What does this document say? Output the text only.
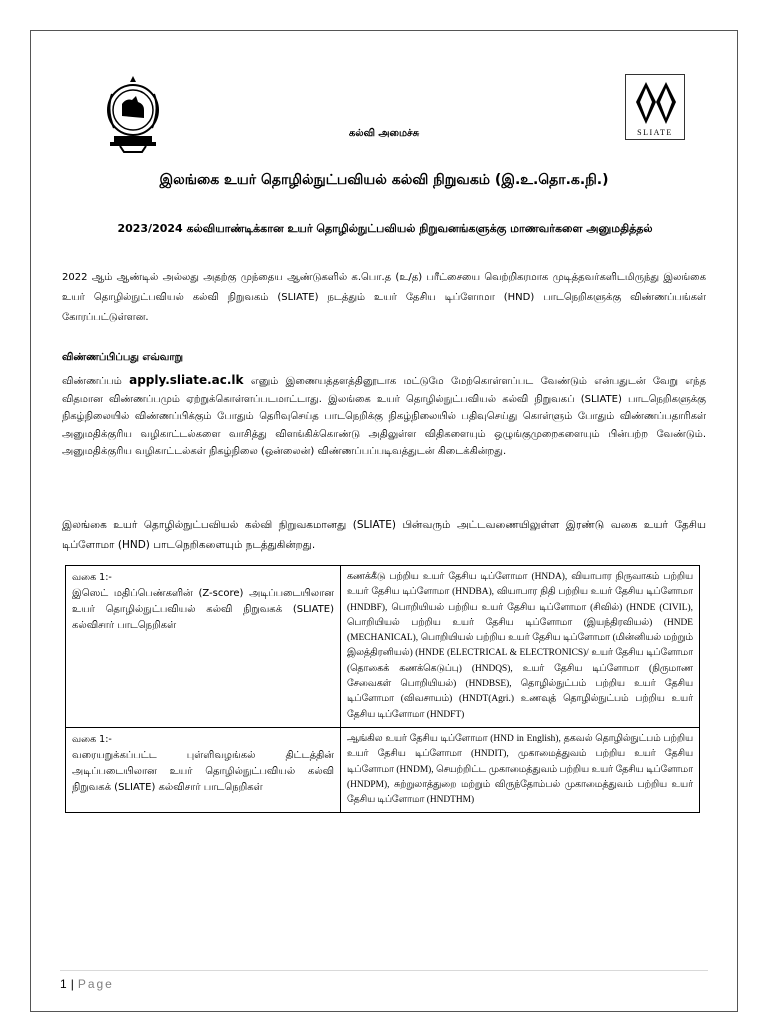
SLIATE
கல்வி அமைச்சு
இலங்கை உயர் தொழில்நுட்பவியல் கல்வி நிறுவகம் (இ.உ.தொ.க.நி.)
2023/2024 கல்வியாண்டிக்கான உயர் தொழில்நுட்பவியல் நிறுவனங்களுக்கு மாணவர்களை அனுமதித்தல்
2022 ஆம் ஆண்டில் அல்லது அதற்கு முந்தைய ஆண்டுகளில் க.பொ.த (உ/த) பரீட்சையை வெற்றிகரமாக முடித்தவர்களிடமிருந்து இலங்கை உயர் தொழில்நுட்பவியல் கல்வி நிறுவகம் (SLIATE) நடத்தும் உயர் தேசிய டிப்ளோமா (HND) பாடநெறிகளுக்கு விண்ணப்பங்கள் கோரப்பட்டுள்ளன.
விண்ணப்பிப்பது எவ்வாறு
விண்ணப்பம் apply.sliate.ac.lk எனும் இணையத்தளத்தினூடாக மட்டுமே மேற்கொள்ளப்பட வேண்டும் என்பதுடன் வேறு எந்த விதமான விண்ணப்பமும் ஏற்றுக்கொள்ளப்படமாட்டாது. இலங்கை உயர் தொழில்நுட்பவியல் கல்வி நிறுவகப் (SLIATE) பாடநெறிகளுக்கு நிகழ்நிலையில் விண்ணப்பிக்கும் போதும் தெரிவுசெய்த பாடநெறிக்கு நிகழ்நிலையில் பதிவுசெய்து கொள்ளும் போதும் விண்ணப்பதாரிகள் அனுமதிக்குரிய வழிகாட்டல்களை வாசித்து விளங்கிக்கொண்டு அதிலுள்ள விதிகளையும் ஒழுங்குமுறைகளையும் பின்பற்ற வேண்டும். அனுமதிக்குரிய வழிகாட்டல்கள் நிகழ்நிலை (ஒன்லைன்) விண்ணப்பப்படிவத்துடன் கிடைக்கின்றது.
இலங்கை உயர் தொழில்நுட்பவியல் கல்வி நிறுவகமானது (SLIATE) பின்வரும் அட்டவணையிலுள்ள இரண்டு வகை உயர் தேசிய டிப்ளோமா (HND) பாடநெறிகளையும் நடத்துகின்றது.
வகை 1:-
இஸெட் மதிப்பெண்களின் (Z-score) அடிப்படையிலான உயர் தொழில்நுட்பவியல் கல்வி நிறுவகக் (SLIATE) கல்விசார் பாடநெறிகள்	கணக்கீடு பற்றிய உயர் தேசிய டிப்ளோமா (HNDA), வியாபார நிருவாகம் பற்றிய உயர் தேசிய டிப்ளோமா (HNDBA), வியாபார நிதி பற்றிய உயர் தேசிய டிப்ளோமா (HNDBF), பொறியியல் பற்றிய உயர் தேசிய டிப்ளோமா (சிவில்) (HNDE (CIVIL), பொறியியல் பற்றிய உயர் தேசிய டிப்ளோமா (இயந்திரவியல்) (HNDE (MECHANICAL), பொறியியல் பற்றிய உயர் தேசிய டிப்ளோமா (மின்னியல் மற்றும் இலத்திரனியல்) (HNDE (ELECTRICAL & ELECTRONICS)/ உயர் தேசிய டிப்ளோமா (தொகைக் கணக்கெடுப்பு) (HNDQS), உயர் தேசிய டிப்ளோமா (நிருமாண சேவைகள் பொறியியல்) (HNDBSE), தொழில்நுட்பம் பற்றிய உயர் தேசிய டிப்ளோமா (விவசாயம்) (HNDT(Agri.) உணவுத் தொழில்நுட்பம் பற்றிய உயர் தேசிய டிப்ளோமா (HNDFT)

வகை 1:-
வரையறுக்கப்பட்ட புள்ளிவழங்கல் திட்டத்தின் அடிப்படையிலான உயர் தொழில்நுட்பவியல் கல்வி நிறுவகக் (SLIATE) கல்விசார் பாடநெறிகள்	ஆங்கில உயர் தேசிய டிப்ளோமா (HND in English), தகவல் தொழில்நுட்பம் பற்றிய உயர் தேசிய டிப்ளோமா (HNDIT), முகாமைத்துவம் பற்றிய உயர் தேசிய டிப்ளோமா (HNDM), செயற்றிட்ட முகாமைத்துவம் பற்றிய உயர் தேசிய டிப்ளோமா (HNDPM), சுற்றுலாத்துறை மற்றும் விருந்தோம்பல் முகாமைத்துவம் பற்றிய உயர் தேசிய டிப்ளோமா (HNDTHM)
1 | Page
